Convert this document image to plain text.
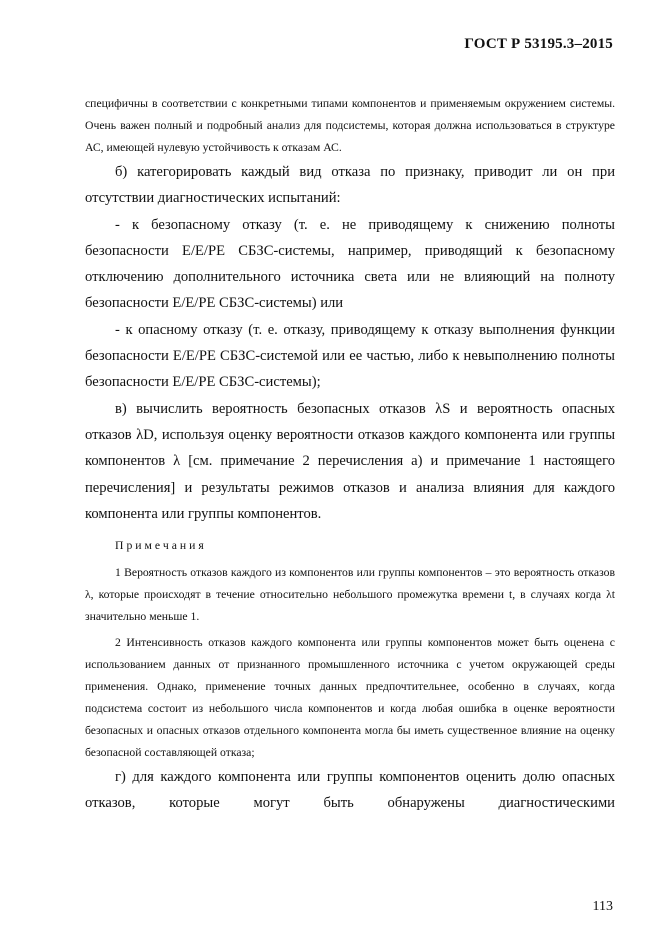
ГОСТ Р 53195.3–2015

специфичны в соответствии с конкретными типами компонентов и применяемым окружением системы. Очень важен полный и подробный анализ для подсистемы, которая должна использоваться в структуре АС, имеющей нулевую устойчивость к отказам АС.

б) категорировать каждый вид отказа по признаку, приводит ли он при отсутствии диагностических испытаний:

- к безопасному отказу (т. е. не приводящему к снижению полноты безопасности E/E/PE СБЗС-системы, например, приводящий к безопасному отключению дополнительного источника света или не влияющий на полноту безопасности E/E/PE СБЗС-системы) или

- к опасному отказу (т. е. отказу, приводящему к отказу выполнения функции безопасности E/E/PE СБЗС-системой или ее частью, либо к невыполнению полноты безопасности E/E/PE СБЗС-системы);

в) вычислить вероятность безопасных отказов λS и вероятность опасных отказов λD, используя оценку вероятности отказов каждого компонента или группы компонентов λ [см. примечание 2 перечисления а) и примечание 1 настоящего перечисления] и результаты режимов отказов и анализа влияния для каждого компонента или группы компонентов.

Примечания

1 Вероятность отказов каждого из компонентов или группы компонентов – это вероятность отказов λ, которые происходят в течение относительно небольшого промежутка времени t, в случаях когда λt значительно меньше 1.

2 Интенсивность отказов каждого компонента или группы компонентов может быть оценена с использованием данных от признанного промышленного источника с учетом окружающей среды применения. Однако, применение точных данных предпочтительнее, особенно в случаях, когда подсистема состоит из небольшого числа компонентов и когда любая ошибка в оценке вероятности безопасных и опасных отказов отдельного компонента могла бы иметь существенное влияние на оценку безопасной составляющей отказа;

г) для каждого компонента или группы компонентов оценить долю опасных отказов, которые могут быть обнаружены диагностическими

113
